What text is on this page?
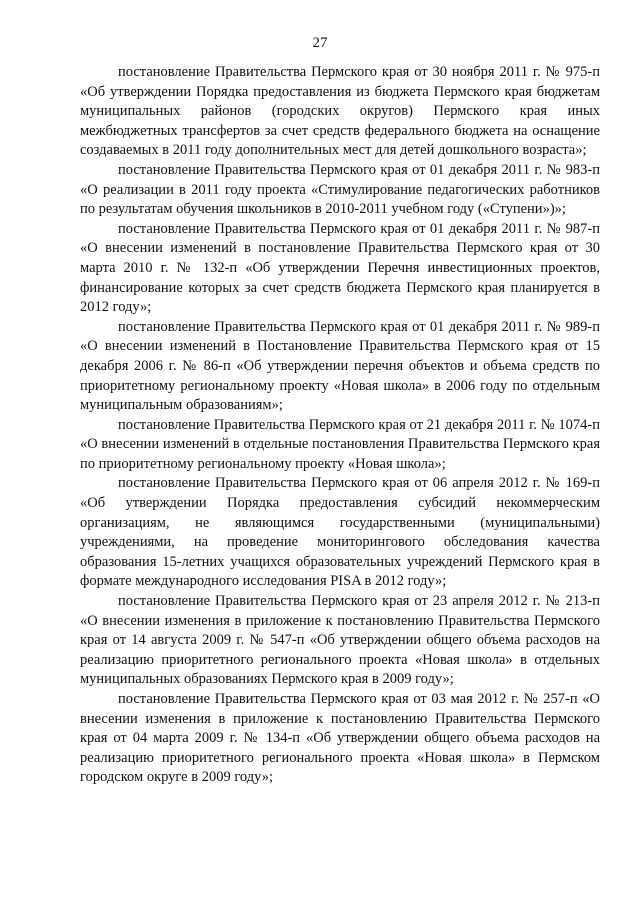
27

постановление Правительства Пермского края от 30 ноября 2011 г. № 975-п «Об утверждении Порядка предоставления из бюджета Пермского края бюджетам муниципальных районов (городских округов) Пермского края иных межбюджетных трансфертов за счет средств федерального бюджета на оснащение создаваемых в 2011 году дополнительных мест для детей дошкольного возраста»;

постановление Правительства Пермского края от 01 декабря 2011 г. № 983-п «О реализации в 2011 году проекта «Стимулирование педагогических работников по результатам обучения школьников в 2010-2011 учебном году («Ступени»)»;

постановление Правительства Пермского края от 01 декабря 2011 г. № 987-п «О внесении изменений в постановление Правительства Пермского края от 30 марта 2010 г. № 132-п «Об утверждении Перечня инвестиционных проектов, финансирование которых за счет средств бюджета Пермского края планируется в 2012 году»;

постановление Правительства Пермского края от 01 декабря 2011 г. № 989-п «О внесении изменений в Постановление Правительства Пермского края от 15 декабря 2006 г. № 86-п «Об утверждении перечня объектов и объема средств по приоритетному региональному проекту «Новая школа» в 2006 году по отдельным муниципальным образованиям»;

постановление Правительства Пермского края от 21 декабря 2011 г. № 1074-п «О внесении изменений в отдельные постановления Правительства Пермского края по приоритетному региональному проекту «Новая школа»;

постановление Правительства Пермского края от 06 апреля 2012 г. № 169-п «Об утверждении Порядка предоставления субсидий некоммерческим организациям, не являющимся государственными (муниципальными) учреждениями, на проведение мониторингового обследования качества образования 15-летних учащихся образовательных учреждений Пермского края в формате международного исследования PISA в 2012 году»;

постановление Правительства Пермского края от 23 апреля 2012 г. № 213-п «О внесении изменения в приложение к постановлению Правительства Пермского края от 14 августа 2009 г. № 547-п «Об утверждении общего объема расходов на реализацию приоритетного регионального проекта «Новая школа» в отдельных муниципальных образованиях Пермского края в 2009 году»;

постановление Правительства Пермского края от 03 мая 2012 г. № 257-п «О внесении изменения в приложение к постановлению Правительства Пермского края от 04 марта 2009 г. № 134-п «Об утверждении общего объема расходов на реализацию приоритетного регионального проекта «Новая школа» в Пермском городском округе в 2009 году»;
